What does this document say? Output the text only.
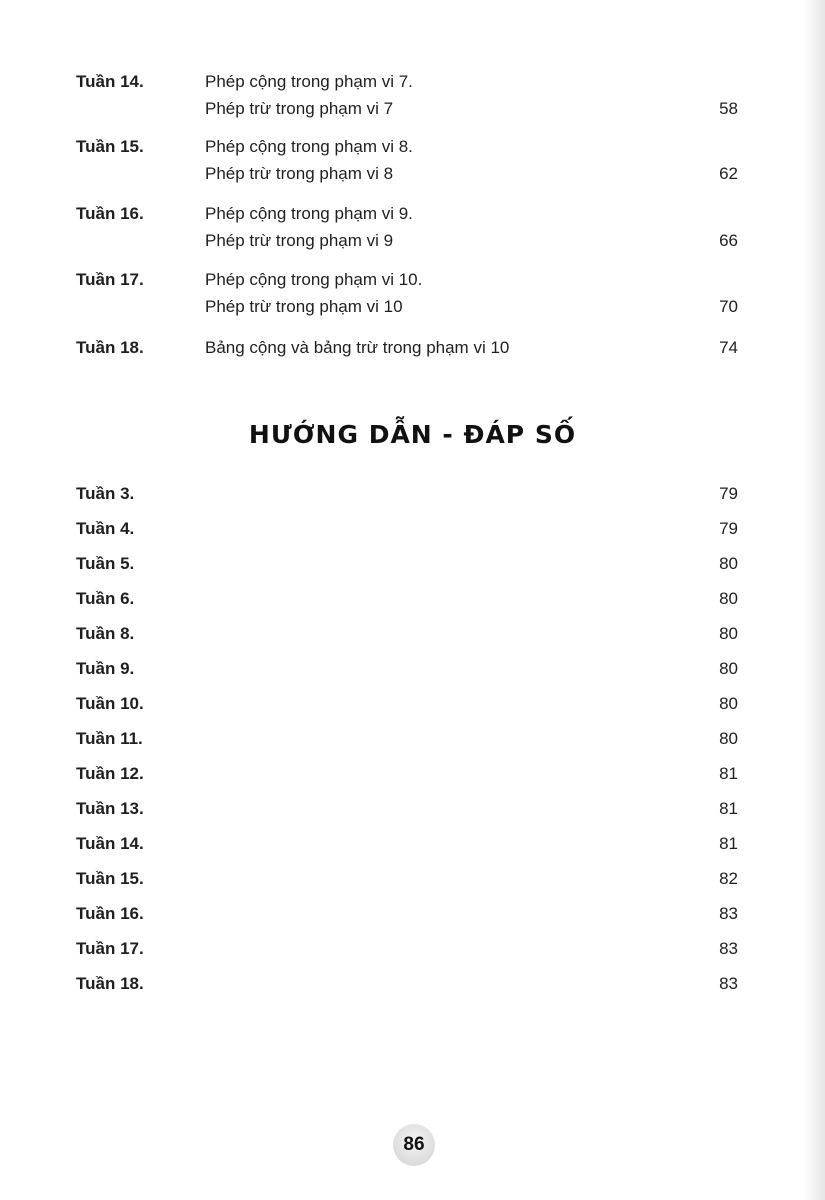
Tuần 14.	Phép cộng trong phạm vi 7.
Phép trừ trong phạm vi 7	58
Tuần 15.	Phép cộng trong phạm vi 8.
Phép trừ trong phạm vi 8	62
Tuần 16.	Phép cộng trong phạm vi 9.
Phép trừ trong phạm vi 9	66
Tuần 17.	Phép cộng trong phạm vi 10.
Phép trừ trong phạm vi 10	70
Tuần 18.	Bảng cộng và bảng trừ trong phạm vi 10	74
HƯỚNG DẪN - ĐÁP SỐ
Tuần 3.	79
Tuần 4.	79
Tuần 5.	80
Tuần 6.	80
Tuần 8.	80
Tuần 9.	80
Tuần 10.	80
Tuần 11.	80
Tuần 12.	81
Tuần 13.	81
Tuần 14.	81
Tuần 15.	82
Tuần 16.	83
Tuần 17.	83
Tuần 18.	83
86
